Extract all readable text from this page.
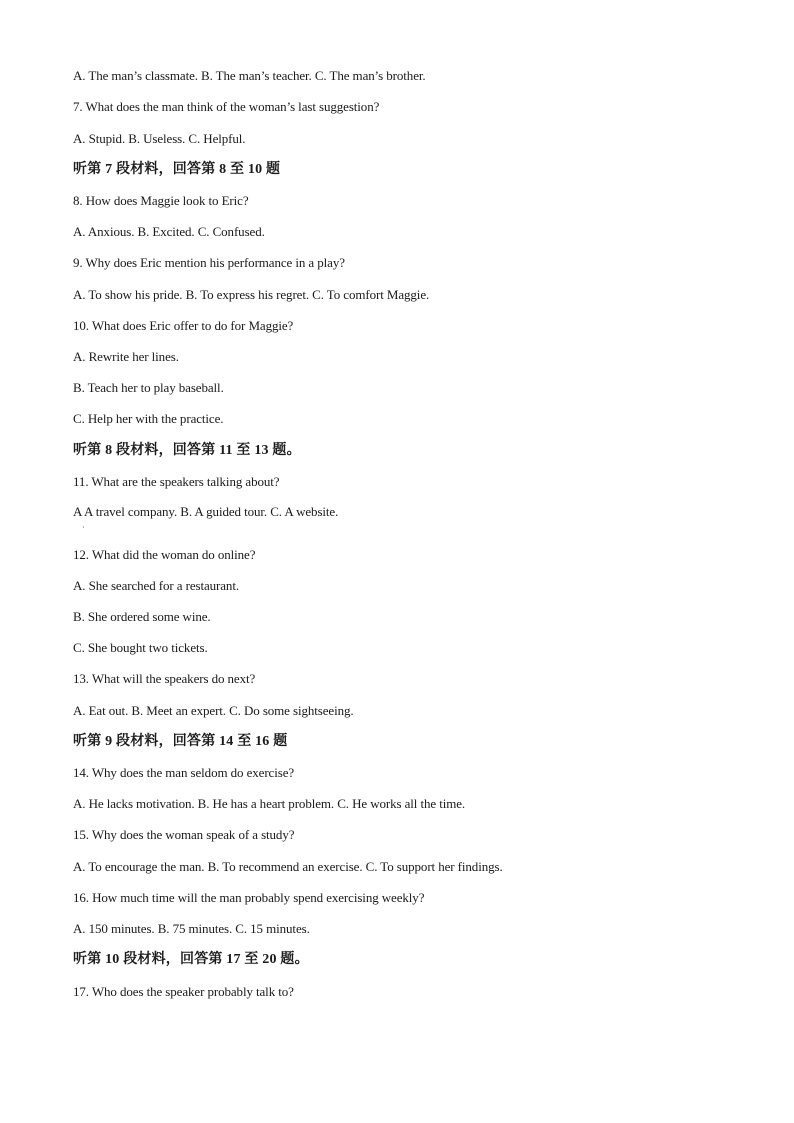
A. The man’s classmate. B. The man’s teacher. C. The man’s brother.
7. What does the man think of the woman’s last suggestion?
A. Stupid. B. Useless. C. Helpful.
听第 7 段材料，回答第 8 至 10 题
8. How does Maggie look to Eric?
A. Anxious. B. Excited. C. Confused.
9. Why does Eric mention his performance in a play?
A. To show his pride. B. To express his regret. C. To comfort Maggie.
10. What does Eric offer to do for Maggie?
A. Rewrite her lines.
B. Teach her to play baseball.
C. Help her with the practice.
听第 8 段材料，回答第 11 至 13 题。
11. What are the speakers talking about?
A A travel company. B. A guided tour. C. A website.
·
12. What did the woman do online?
A. She searched for a restaurant.
B. She ordered some wine.
C. She bought two tickets.
13. What will the speakers do next?
A. Eat out. B. Meet an expert. C. Do some sightseeing.
听第 9 段材料，回答第 14 至 16 题
14. Why does the man seldom do exercise?
A. He lacks motivation. B. He has a heart problem. C. He works all the time.
15. Why does the woman speak of a study?
A. To encourage the man. B. To recommend an exercise. C. To support her findings.
16. How much time will the man probably spend exercising weekly?
A. 150 minutes. B. 75 minutes. C. 15 minutes.
听第 10 段材料，回答第 17 至 20 题。
17. Who does the speaker probably talk to?
